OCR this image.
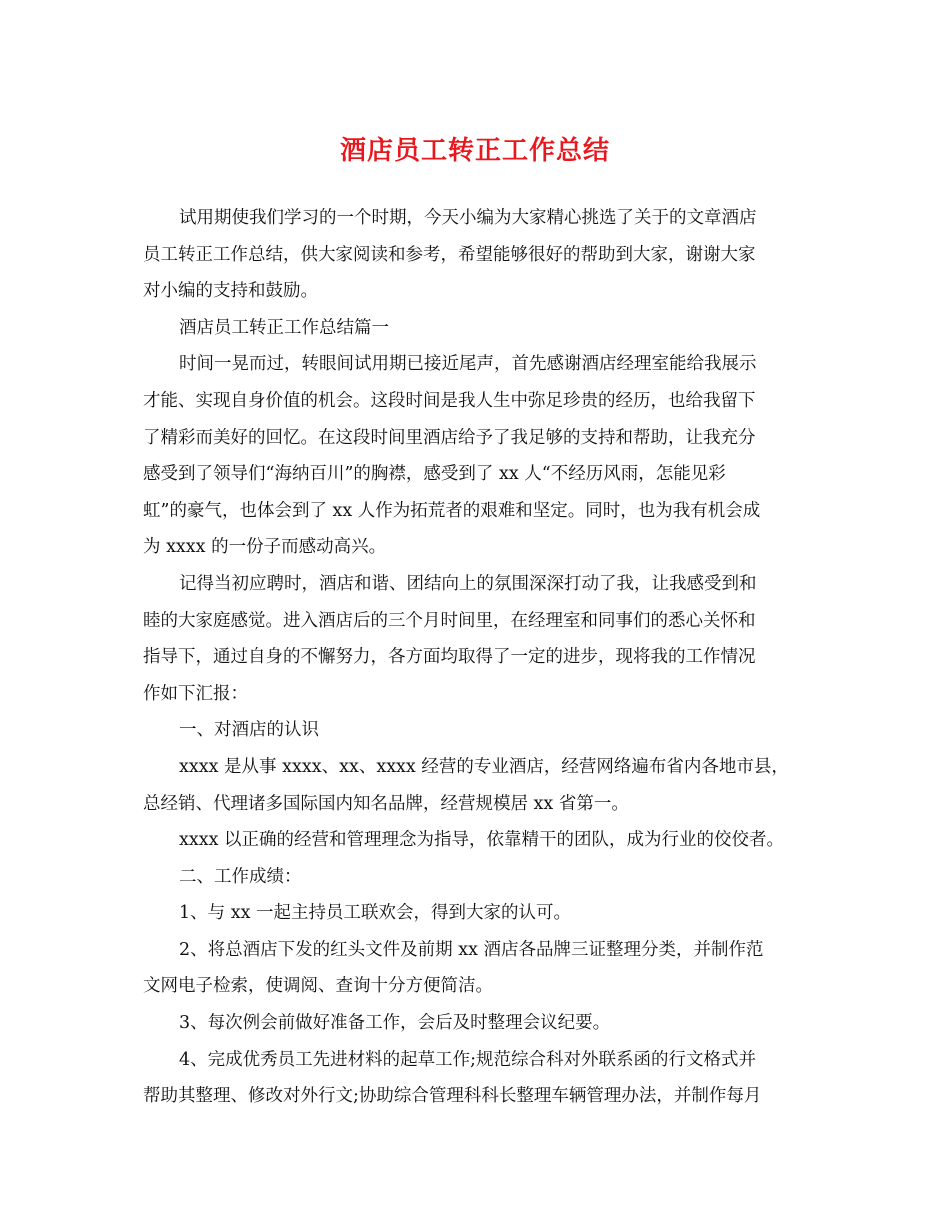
酒店员工转正工作总结
试用期使我们学习的一个时期，今天小编为大家精心挑选了关于的文章酒店
员工转正工作总结，供大家阅读和参考，希望能够很好的帮助到大家，谢谢大家
对小编的支持和鼓励。
酒店员工转正工作总结篇一
时间一晃而过，转眼间试用期已接近尾声，首先感谢酒店经理室能给我展示
才能、实现自身价值的机会。这段时间是我人生中弥足珍贵的经历，也给我留下
了精彩而美好的回忆。在这段时间里酒店给予了我足够的支持和帮助，让我充分
感受到了领导们“海纳百川”的胸襟，感受到了 xx 人“不经历风雨，怎能见彩
虹”的豪气，也体会到了 xx 人作为拓荒者的艰难和坚定。同时，也为我有机会成
为 xxxx 的一份子而感动高兴。
记得当初应聘时，酒店和谐、团结向上的氛围深深打动了我，让我感受到和
睦的大家庭感觉。进入酒店后的三个月时间里，在经理室和同事们的悉心关怀和
指导下，通过自身的不懈努力，各方面均取得了一定的进步，现将我的工作情况
作如下汇报：
一、对酒店的认识
xxxx 是从事 xxxx、xx、xxxx 经营的专业酒店，经营网络遍布省内各地市县，
总经销、代理诸多国际国内知名品牌，经营规模居 xx 省第一。
xxxx 以正确的经营和管理理念为指导，依靠精干的团队，成为行业的佼佼者。
二、工作成绩：
1、与 xx 一起主持员工联欢会，得到大家的认可。
2、将总酒店下发的红头文件及前期 xx 酒店各品牌三证整理分类，并制作范
文网电子检索，使调阅、查询十分方便简洁。
3、每次例会前做好准备工作，会后及时整理会议纪要。
4、完成优秀员工先进材料的起草工作;规范综合科对外联系函的行文格式并
帮助其整理、修改对外行文;协助综合管理科科长整理车辆管理办法，并制作每月
